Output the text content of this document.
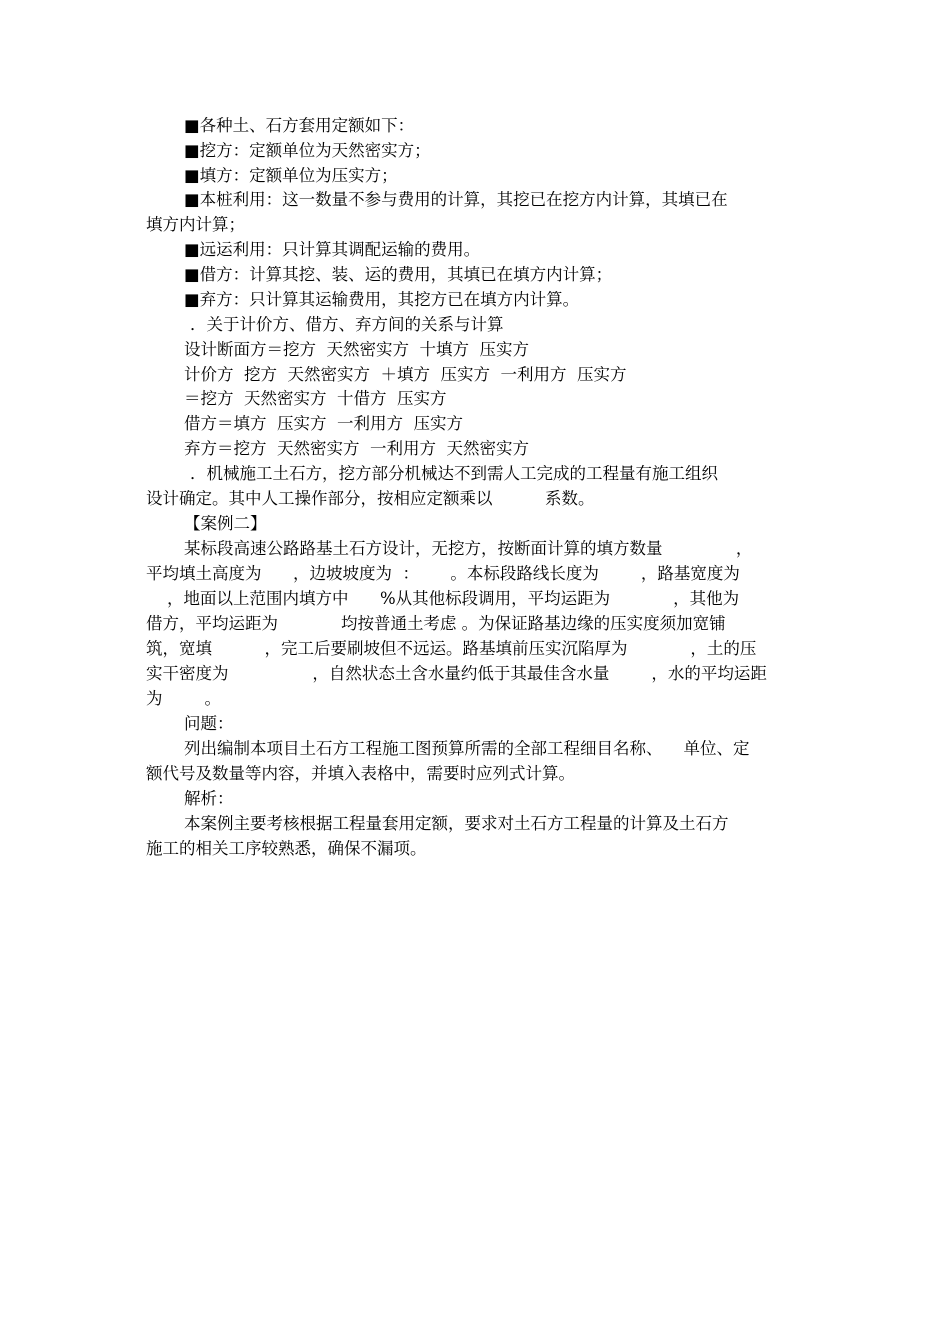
■各种土、石方套用定额如下：
■挖方：定额单位为天然密实方；
■填方：定额单位为压实方；
■本桩利用：这一数量不参与费用的计算，其挖已在挖方内计算，其填已在
填方内计算；
■远运利用：只计算其调配运输的费用。
■借方：计算其挖、装、运的费用，其填已在填方内计算；
■弃方：只计算其运输费用，其挖方已在填方内计算。
．关于计价方、借方、弃方间的关系与计算
设计断面方＝挖方  天然密实方  十填方  压实方
计价方  挖方  天然密实方  ＋填方  压实方  一利用方  压实方
＝挖方  天然密实方  十借方  压实方
借方＝填方  压实方  一利用方  压实方
弃方＝挖方  天然密实方  一利用方  天然密实方
．机械施工土石方，挖方部分机械达不到需人工完成的工程量有施工组织
设计确定。其中人工操作部分，按相应定额乘以          系数。
【案例二】
某标段高速公路路基土石方设计，无挖方，按断面计算的填方数量              ，
平均填土高度为      ，边坡坡度为  ：      。本标段路线长度为        ，路基宽度为
，地面以上范围内填方中      %从其他标段调用，平均运距为            ，其他为
借方，平均运距为            均按普通土考虑 。为保证路基边缘的压实度须加宽铺
筑，宽填          ，完工后要刷坡但不远运。路基填前压实沉陷厚为            ，土的压
实干密度为                ，自然状态土含水量约低于其最佳含水量        ，水的平均运距
为        。
问题：
列出编制本项目土石方工程施工图预算所需的全部工程细目名称、    单位、定
额代号及数量等内容，并填入表格中，需要时应列式计算。
解析：
本案例主要考核根据工程量套用定额，要求对土石方工程量的计算及土石方
施工的相关工序较熟悉，确保不漏项。
